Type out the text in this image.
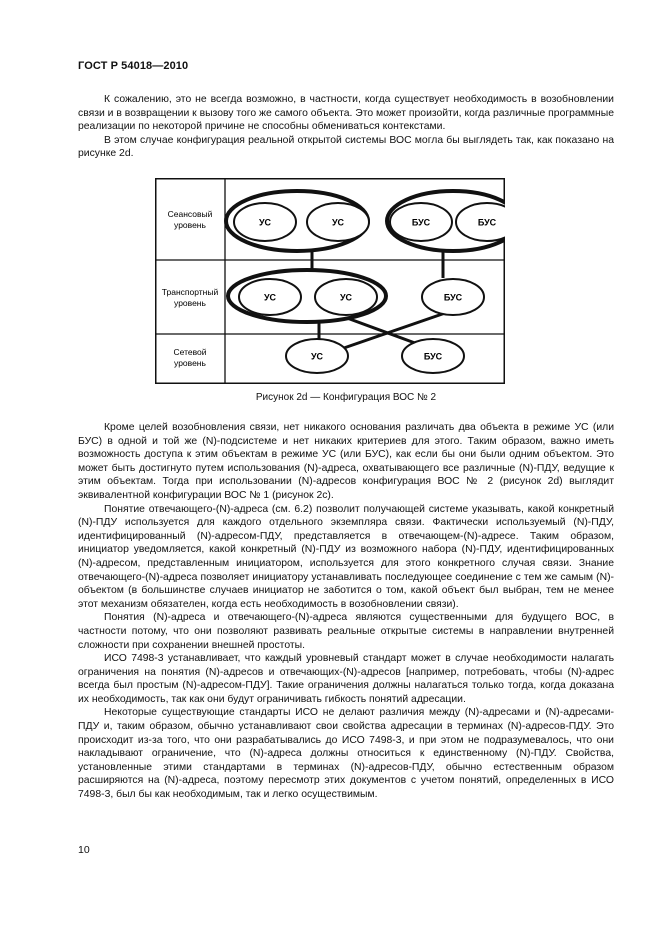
ГОСТ Р 54018—2010

К сожалению, это не всегда возможно, в частности, когда существует необходимость в возобновлении связи и в возвращении к вызову того же самого объекта. Это может произойти, когда различные программные реализации по некоторой причине не способны обмениваться контекстами.

В этом случае конфигурация реальной открытой системы ВОС могла бы выглядеть так, как показано на рисунке 2d.

Сеансовый
уровень
Транспортный
уровень
Сетевой
уровень
УС	УС	БУС	БУС
УС	УС	БУС
УС	БУС
Рисунок 2d — Конфигурация ВОС № 2

Кроме целей возобновления связи, нет никакого основания различать два объекта в режиме УС (или БУС) в одной и той же (N)-подсистеме и нет никаких критериев для этого. Таким образом, важно иметь возможность доступа к этим объектам в режиме УС (или БУС), как если бы они были одним объектом. Это может быть достигнуто путем использования (N)-адреса, охватывающего все различные (N)-ПДУ, ведущие к этим объектам. Тогда при использовании (N)-адресов конфигурация ВОС № 2 (рисунок 2d) выглядит эквивалентной конфигурации ВОС № 1 (рисунок 2с).

Понятие отвечающего-(N)-адреса (см. 6.2) позволит получающей системе указывать, какой конкретный (N)-ПДУ используется для каждого отдельного экземпляра связи. Фактически используемый (N)-ПДУ, идентифицированный (N)-адресом-ПДУ, представляется в отвечающем-(N)-адресе. Таким образом, инициатор уведомляется, какой конкретный (N)-ПДУ из возможного набора (N)-ПДУ, идентифицированных (N)-адресом, представленным инициатором, используется для этого конкретного случая связи. Знание отвечающего-(N)-адреса позволяет инициатору устанавливать последующее соединение с тем же самым (N)-объектом (в большинстве случаев инициатор не заботится о том, какой объект был выбран, тем не менее этот механизм обязателен, когда есть необходимость в возобновлении связи).

Понятия (N)-адреса и отвечающего-(N)-адреса являются существенными для будущего ВОС, в частности потому, что они позволяют развивать реальные открытые системы в направлении внутренней сложности при сохранении внешней простоты.

ИСО 7498-3 устанавливает, что каждый уровневый стандарт может в случае необходимости налагать ограничения на понятия (N)-адресов и отвечающих-(N)-адресов [например, потребовать, чтобы (N)-адрес всегда был простым (N)-адресом-ПДУ]. Такие ограничения должны налагаться только тогда, когда доказана их необходимость, так как они будут ограничивать гибкость понятий адресации.

Некоторые существующие стандарты ИСО не делают различия между (N)-адресами и (N)-адресами-ПДУ и, таким образом, обычно устанавливают свои свойства адресации в терминах (N)-адресов-ПДУ. Это происходит из-за того, что они разрабатывались до ИСО 7498-3, и при этом не подразумевалось, что они накладывают ограничение, что (N)-адреса должны относиться к единственному (N)-ПДУ. Свойства, установленные этими стандартами в терминах (N)-адресов-ПДУ, обычно естественным образом расширяются на (N)-адреса, поэтому пересмотр этих документов с учетом понятий, определенных в ИСО 7498-3, был бы как необходимым, так и легко осуществимым.

10
